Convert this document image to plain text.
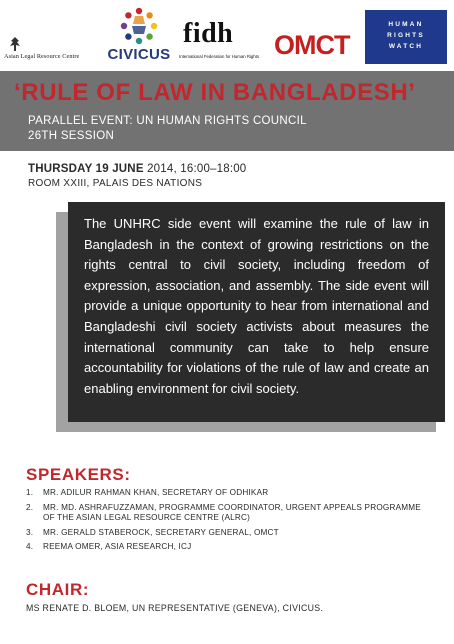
Asian Legal Resource Centre CIVICUS
fidh
International Federation for Human Rights OMCT
HUMAN
RIGHTS
WATCH
‘RULE OF LAW IN BANGLADESH’
PARALLEL EVENT: UN HUMAN RIGHTS COUNCIL
26TH SESSION
THURSDAY 19 JUNE 2014, 16:00–18:00
ROOM XXIII, PALAIS DES NATIONS

The UNHRC side event will examine the rule of law in Bangladesh in the context of growing restrictions on the rights central to civil society, including freedom of expression, association, and assembly. The side event will provide a unique opportunity to hear from international and Bangladeshi civil society activists about measures the international community can take to help ensure accountability for violations of the rule of law and create an enabling environment for civil society.

SPEAKERS:
1. MR. ADILUR RAHMAN KHAN, SECRETARY OF ODHIKAR
2. MR. MD. ASHRAFUZZAMAN, PROGRAMME COORDINATOR, URGENT APPEALS PROGRAMME OF THE ASIAN LEGAL RESOURCE CENTRE (ALRC)
3. MR. GERALD STABEROCK, SECRETARY GENERAL, OMCT
4. REEMA OMER, ASIA RESEARCH, ICJ
CHAIR:
MS RENATE D. BLOEM, UN REPRESENTATIVE (GENEVA), CIVICUS.
